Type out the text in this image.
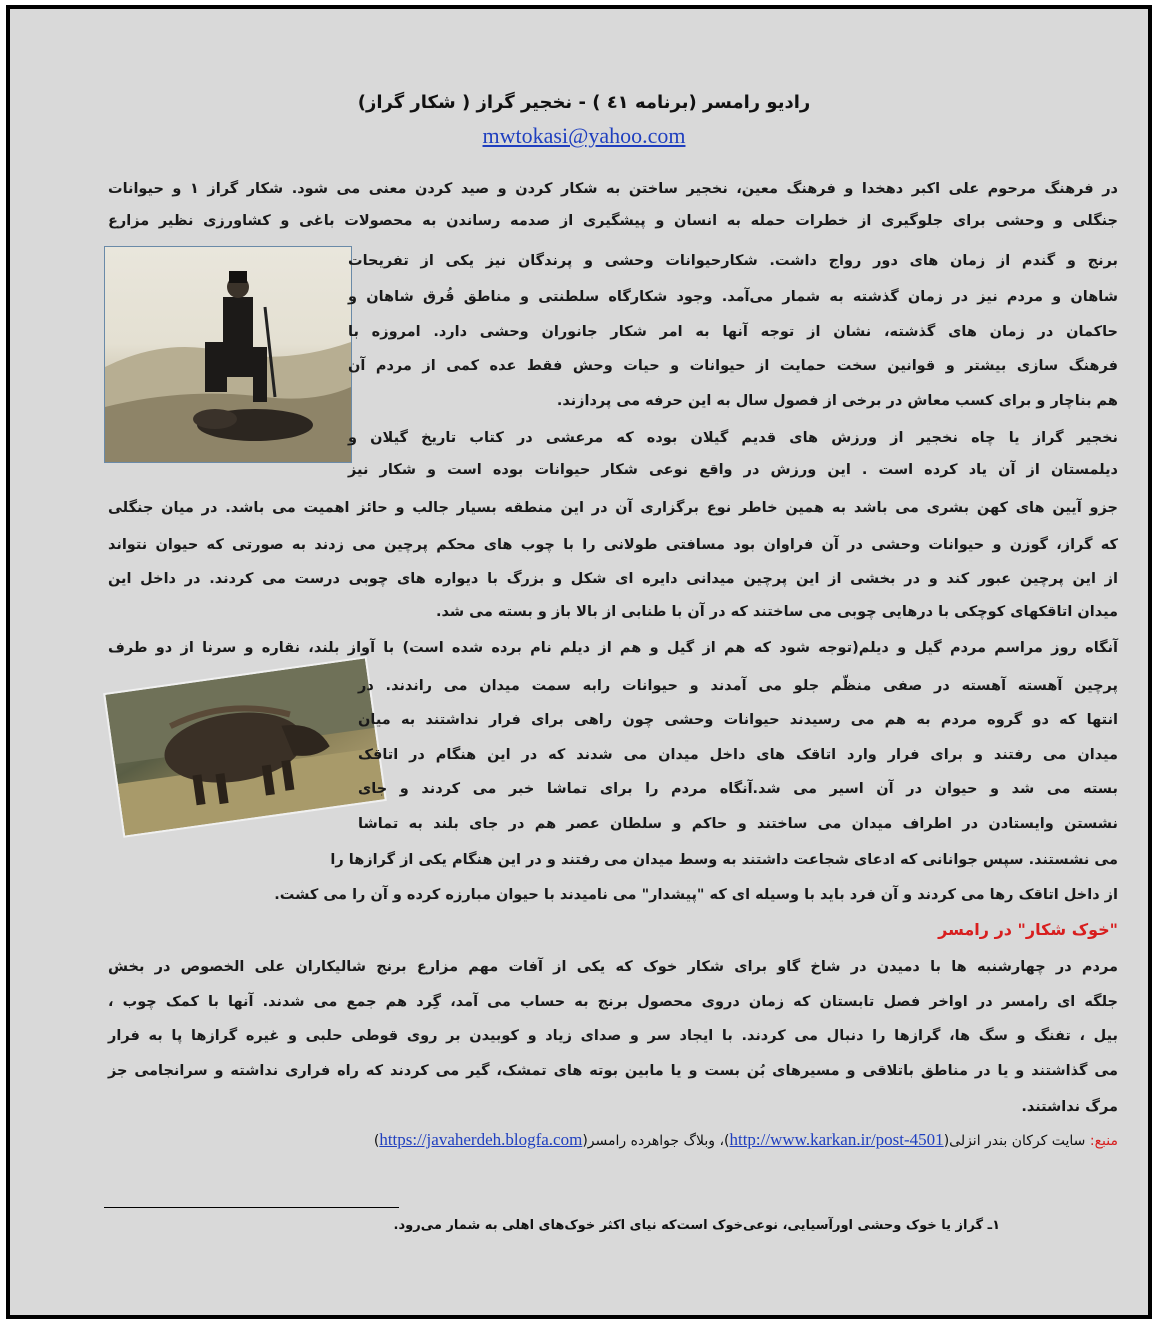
رادیو رامسر (برنامه ٤١ ) - نخجیر گراز ( شکار گراز)
mwtokasi@yahoo.com
در فرهنگ مرحوم علی اکبر دهخدا و فرهنگ معین، نخجیر ساختن به شکار کردن و صید کردن معنی می شود. شکار گراز ١ و حیوانات
جنگلی و وحشی برای جلوگیری از خطرات حمله به انسان و پیشگیری از صدمه رساندن به محصولات باغی و کشاورزی نظیر مزارع
برنج و گندم از زمان های دور رواج داشت. شکارحیوانات وحشی و پرندگان نیز یکی از تفریحات
شاهان و مردم نیز در زمان گذشته به شمار می‌آمد. وجود شکارگاه سلطنتی و مناطق قُرق شاهان و
حاکمان در زمان های گذشته، نشان از توجه آنها به امر شکار جانوران وحشی دارد. امروزه با
فرهنگ سازی بیشتر و قوانین سخت حمایت از حیوانات و حیات وحش فقط عده کمی از مردم آن
هم بناچار و برای کسب معاش در برخی از فصول سال به این حرفه می پردازند.
نخجیر گراز یا چاه نخجیر از ورزش های قدیم گیلان بوده که مرعشی در کتاب تاریخ گیلان و
دیلمستان از آن یاد کرده است . این ورزش در واقع نوعی شکار حیوانات بوده است و شکار نیز
جزو آیین های کهن بشری می باشد به همین خاطر نوع برگزاری آن در این منطقه بسیار جالب و حائز اهمیت می باشد. در میان جنگلی
که گراز، گوزن و حیوانات وحشی در آن فراوان بود مسافتی طولانی را با چوب های محکم پرچین می زدند به صورتی که حیوان نتواند
از این پرچین عبور کند و در بخشی از این پرچین میدانی دایره ای شکل و بزرگ با دیواره های چوبی درست می کردند. در داخل این
میدان اتاقکهای کوچکی با درهایی چوبی می ساختند که در آن با طنابی از بالا باز و بسته می شد.
آنگاه روز مراسم مردم گیل و دیلم(توجه شود که هم از گیل و هم از دیلم نام برده شده است) با آواز بلند، نقاره و سرنا از دو طرف
پرچین آهسته آهسته در صفی منظّم جلو می آمدند و حیوانات رابه سمت میدان می راندند. در
انتها که دو گروه مردم به هم می رسیدند حیوانات وحشی چون راهی برای فرار نداشتند به میان
میدان می رفتند و برای فرار وارد اتاقک های داخل میدان می شدند که در این هنگام در اتاقک
بسته می شد و حیوان در آن اسیر می شد.آنگاه مردم را برای تماشا خبر می کردند و جای
نشستن وایستادن در اطراف میدان می ساختند و حاکم و سلطان عصر هم در جای بلند به تماشا
می نشستند. سپس جوانانی که ادعای شجاعت داشتند به وسط میدان می رفتند و در این هنگام یکی از گرازها را
از داخل اتاقک رها می کردند و آن فرد باید با وسیله ای که "پیشدار" می نامیدند با حیوان مبارزه کرده و آن را می کشت.
"خوک شکار" در رامسر
مردم در چهارشنبه ها با دمیدن در شاخ گاو برای شکار خوک که یکی از آفات مهم مزارع برنج شالیکاران علی الخصوص در بخش
جلگه ای رامسر در اواخر فصل تابستان که زمان دروی محصول برنج به حساب می آمد، گِرد هم جمع می شدند. آنها با کمک چوب ،
بیل ، تفنگ و سگ ها، گرازها را دنبال می کردند. با ایجاد سر و صدای زیاد و کوبیدن بر روی قوطی حلبی و غیره گرازها پا به فرار
می گذاشتند و یا در مناطق باتلاقی و مسیرهای بُن بست و یا مابین بوته های تمشک، گیر می کردند که راه فراری نداشته و سرانجامی جز
مرگ نداشتند.
منبع: سایت کرکان بندر انزلی(http://www.karkan.ir/post-4501)، وبلاگ جواهرده رامسر(https://javaherdeh.blogfa.com)
١ـ گراز یا خوک وحشی اورآسیایی، نوعی‌خوک است‌که نیای اکثر خوک‌های اهلی به شمار می‌رود.
